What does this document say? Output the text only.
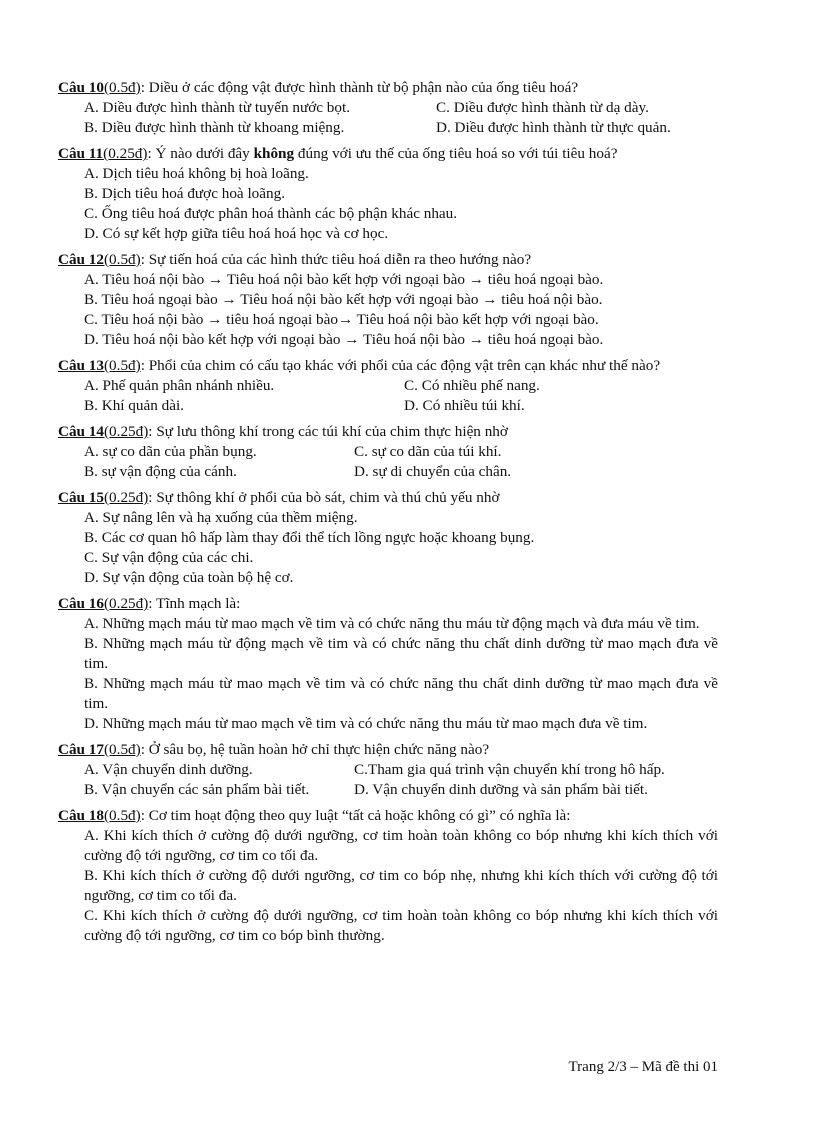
Câu 10(0.5đ): Diều ở các động vật được hình thành từ bộ phận nào của ống tiêu hoá?
A. Diều được hình thành từ tuyến nước bọt.	C. Diều được hình thành từ dạ dày.
B. Diều được hình thành từ khoang miệng.	D. Diều được hình thành từ thực quản.
Câu 11(0.25đ): Ý nào dưới đây không đúng với ưu thế của ống tiêu hoá so với túi tiêu hoá?
A. Dịch tiêu hoá không bị hoà loãng.
B. Dịch tiêu hoá được hoà loãng.
C. Ống tiêu hoá được phân hoá thành các bộ phận khác nhau.
D. Có sự kết hợp giữa tiêu hoá hoá học và cơ học.
Câu 12(0.5đ): Sự tiến hoá của các hình thức tiêu hoá diễn ra theo hướng nào?
A. Tiêu hoá nội bào → Tiêu hoá nội bào kết hợp với ngoại bào → tiêu hoá ngoại bào.
B. Tiêu hoá ngoại bào → Tiêu hoá nội bào kết hợp với ngoại bào → tiêu hoá nội bào.
C. Tiêu hoá nội bào → tiêu hoá ngoại bào→ Tiêu hoá nội bào kết hợp với ngoại bào.
D. Tiêu hoá nội bào kết hợp với ngoại bào → Tiêu hoá nội bào → tiêu hoá ngoại bào.
Câu 13(0.5đ): Phổi của chim có cấu tạo khác với phổi của các động vật trên cạn khác như thế nào?
A. Phế quản phân nhánh nhiều.	C. Có nhiều phế nang.
B. Khí quản dài.	D. Có nhiều túi khí.
Câu 14(0.25đ): Sự lưu thông khí trong các túi khí của chim thực hiện nhờ
A. sự co dãn của phần bụng.	C. sự co dãn của túi khí.
B. sự vận động của cánh.	D. sự di chuyển của chân.
Câu 15(0.25đ): Sự thông khí ở phổi của bò sát, chim và thú chủ yếu nhờ
A. Sự nâng lên và hạ xuống của thềm miệng.
B. Các cơ quan hô hấp làm thay đổi thể tích lồng ngực hoặc khoang bụng.
C. Sự vận động của các chi.
D. Sự vận động của toàn bộ hệ cơ.
Câu 16(0.25đ): Tĩnh mạch là:
A. Những mạch máu từ mao mạch về tim và có chức năng thu máu từ động mạch và đưa máu về tim.
B. Những mạch máu từ động mạch về tim và có chức năng thu chất dinh dưỡng từ mao mạch đưa về tim.
B. Những mạch máu từ mao mạch về tim và có chức năng thu chất dinh dưỡng từ mao mạch đưa về tim.
D. Những mạch máu từ mao mạch về tim và có chức năng thu máu từ mao mạch đưa về tim.
Câu 17(0.5đ): Ở sâu bọ, hệ tuần hoàn hở chỉ thực hiện chức năng nào?
A. Vận chuyển dinh dưỡng.	C.Tham gia quá trình vận chuyển khí trong hô hấp.
B. Vận chuyển các sản phẩm bài tiết.	D. Vận chuyển dinh dưỡng và sản phẩm bài tiết.
Câu 18(0.5đ): Cơ tim hoạt động theo quy luật “tất cả hoặc không có gì” có nghĩa là:
A. Khi kích thích ở cường độ dưới ngưỡng, cơ tim hoàn toàn không co bóp nhưng khi kích thích với cường độ tới ngưỡng, cơ tim co tối đa.
B. Khi kích thích ở cường độ dưới ngưỡng, cơ tim co bóp nhẹ, nhưng khi kích thích với cường độ tới ngưỡng, cơ tim co tối đa.
C. Khi kích thích ở cường độ dưới ngưỡng, cơ tim hoàn toàn không co bóp nhưng khi kích thích với cường độ tới ngưỡng, cơ tim co bóp bình thường.
Trang 2/3 – Mã đề thi 01
